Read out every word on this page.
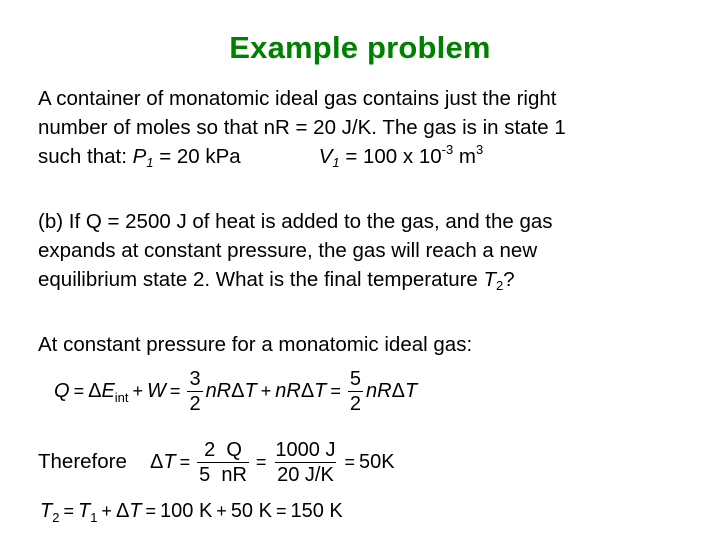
Example problem
A container of monatomic ideal gas contains just the right
number of moles so that nR = 20 J/K. The gas is in state 1
such that: $P_1 = 20$ kPa	$V_1 = 100$ x $10^{-3}$ $m^3$
(b) If Q = 2500 J of heat is added to the gas, and the gas
expands at constant pressure, the gas will reach a new
equilibrium state 2. What is the final temperature $T_2$?
At constant pressure for a monatomic ideal gas:
Q = Δ E int + $W = \frac{3}{2}$ nR Δ T + nR Δ $T = \frac{5}{2}$ nR Δ T
Therefore Δ $T = \frac{2 Q}{5 nR} = \frac{1000 J}{20 J/K} = 50K$
T 2 = T 1 + Δ T = 100 K + 50 K = 150 K
